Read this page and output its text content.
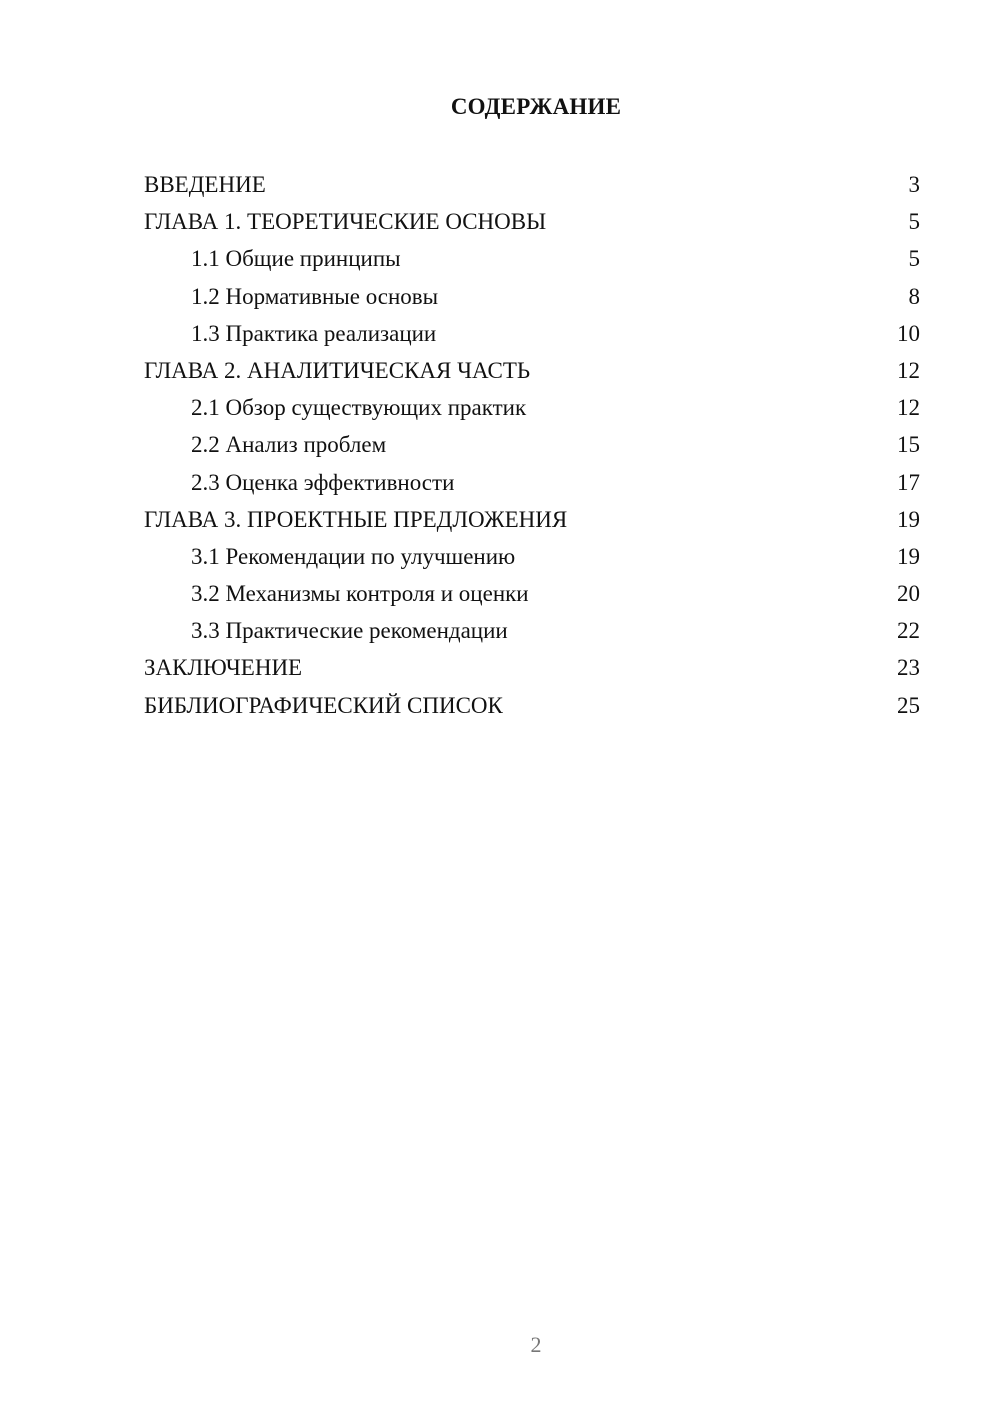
СОДЕРЖАНИЕ
ВВЕДЕНИЕ	3
ГЛАВА 1. ТЕОРЕТИЧЕСКИЕ ОСНОВЫ	5
1.1 Общие принципы	5
1.2 Нормативные основы	8
1.3 Практика реализации	10
ГЛАВА 2. АНАЛИТИЧЕСКАЯ ЧАСТЬ	12
2.1 Обзор существующих практик	12
2.2 Анализ проблем	15
2.3 Оценка эффективности	17
ГЛАВА 3. ПРОЕКТНЫЕ ПРЕДЛОЖЕНИЯ	19
3.1 Рекомендации по улучшению	19
3.2 Механизмы контроля и оценки	20
3.3 Практические рекомендации	22
ЗАКЛЮЧЕНИЕ	23
БИБЛИОГРАФИЧЕСКИЙ СПИСОК	25
2
